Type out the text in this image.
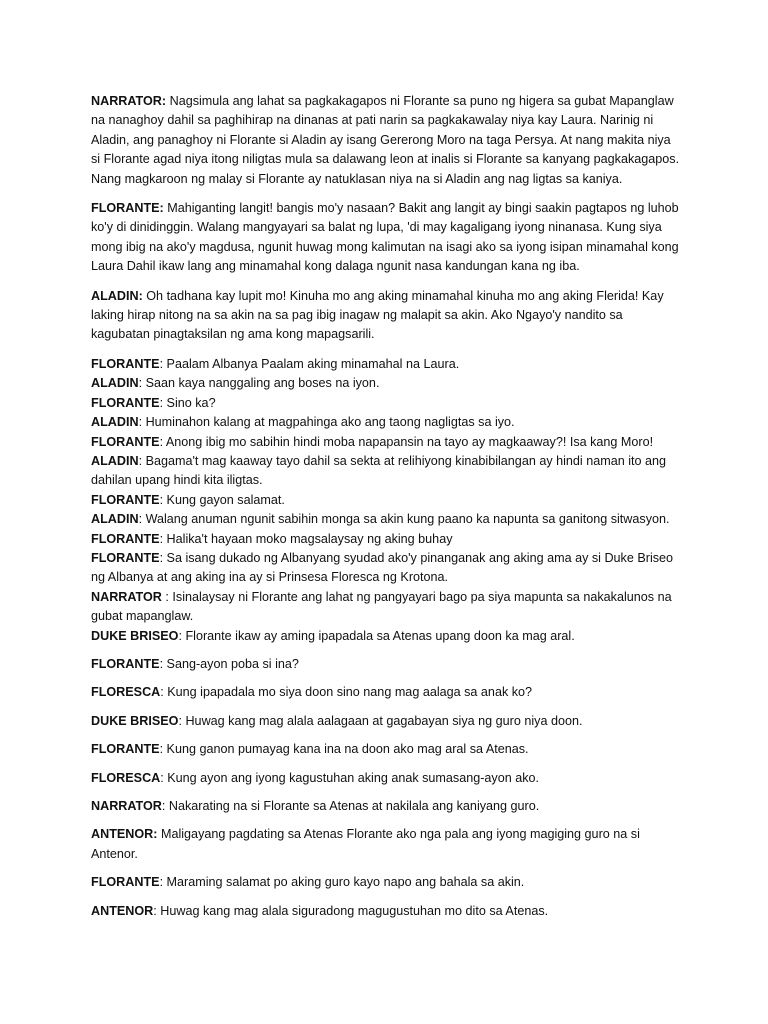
NARRATOR: Nagsimula ang lahat sa pagkakagapos ni Florante sa puno ng higera sa gubat Mapanglaw na nanaghoy dahil sa paghihirap na dinanas at pati narin sa pagkakawalay niya kay Laura. Narinig ni Aladin, ang panaghoy ni Florante si Aladin ay isang Gererong Moro na taga Persya. At nang makita niya si Florante agad niya itong niligtas mula sa dalawang leon at inalis si Florante sa kanyang pagkakagapos. Nang magkaroon ng malay si Florante ay natuklasan niya na si Aladin ang nag ligtas sa kaniya.

FLORANTE: Mahiganting langit! bangis mo'y nasaan? Bakit ang langit ay bingi saakin pagtapos ng luhob ko'y di dinidinggin. Walang mangyayari sa balat ng lupa, 'di may kagaligang iyong ninanasa. Kung siya mong ibig na ako'y magdusa, ngunit huwag mong kalimutan na isagi ako sa iyong isipan minamahal kong Laura Dahil ikaw lang ang minamahal kong dalaga ngunit nasa kandungan kana ng iba.

ALADIN: Oh tadhana kay lupit mo! Kinuha mo ang aking minamahal kinuha mo ang aking Flerida! Kay laking hirap nitong na sa akin na sa pag ibig inagaw ng malapit sa akin. Ako Ngayo'y nandito sa kagubatan pinagtaksilan ng ama kong mapagsarili.

FLORANTE: Paalam Albanya Paalam aking minamahal na Laura.

ALADIN: Saan kaya nanggaling ang boses na iyon.

FLORANTE: Sino ka?

ALADIN: Huminahon kalang at magpahinga ako ang taong nagligtas sa iyo.

FLORANTE: Anong ibig mo sabihin hindi moba napapansin na tayo ay magkaaway?! Isa kang Moro!

ALADIN: Bagama't mag kaaway tayo dahil sa sekta at relihiyong kinabibilangan ay hindi naman ito ang dahilan upang hindi kita iligtas.

FLORANTE: Kung gayon salamat.

ALADIN: Walang anuman ngunit sabihin monga sa akin kung paano ka napunta sa ganitong sitwasyon.

FLORANTE: Halika't hayaan moko magsalaysay ng aking buhay

FLORANTE: Sa isang dukado ng Albanyang syudad ako'y pinanganak ang aking ama ay si Duke Briseo ng Albanya at ang aking ina ay si Prinsesa Floresca ng Krotona.

NARRATOR : Isinalaysay ni Florante ang lahat ng pangyayari bago pa siya mapunta sa nakakalunos na gubat mapanglaw.

DUKE BRISEO: Florante ikaw ay aming ipapadala sa Atenas upang doon ka mag aral.

FLORANTE: Sang-ayon poba si ina?

FLORESCA: Kung ipapadala mo siya doon sino nang mag aalaga sa anak ko?

DUKE BRISEO: Huwag kang mag alala aalagaan at gagabayan siya ng guro niya doon.

FLORANTE: Kung ganon pumayag kana ina na doon ako mag aral sa Atenas.

FLORESCA: Kung ayon ang iyong kagustuhan aking anak sumasang-ayon ako.

NARRATOR: Nakarating na si Florante sa Atenas at nakilala ang kaniyang guro.

ANTENOR: Maligayang pagdating sa Atenas Florante ako nga pala ang iyong magiging guro na si Antenor.

FLORANTE: Maraming salamat po aking guro kayo napo ang bahala sa akin.

ANTENOR: Huwag kang mag alala siguradong magugustuhan mo dito sa Atenas.
